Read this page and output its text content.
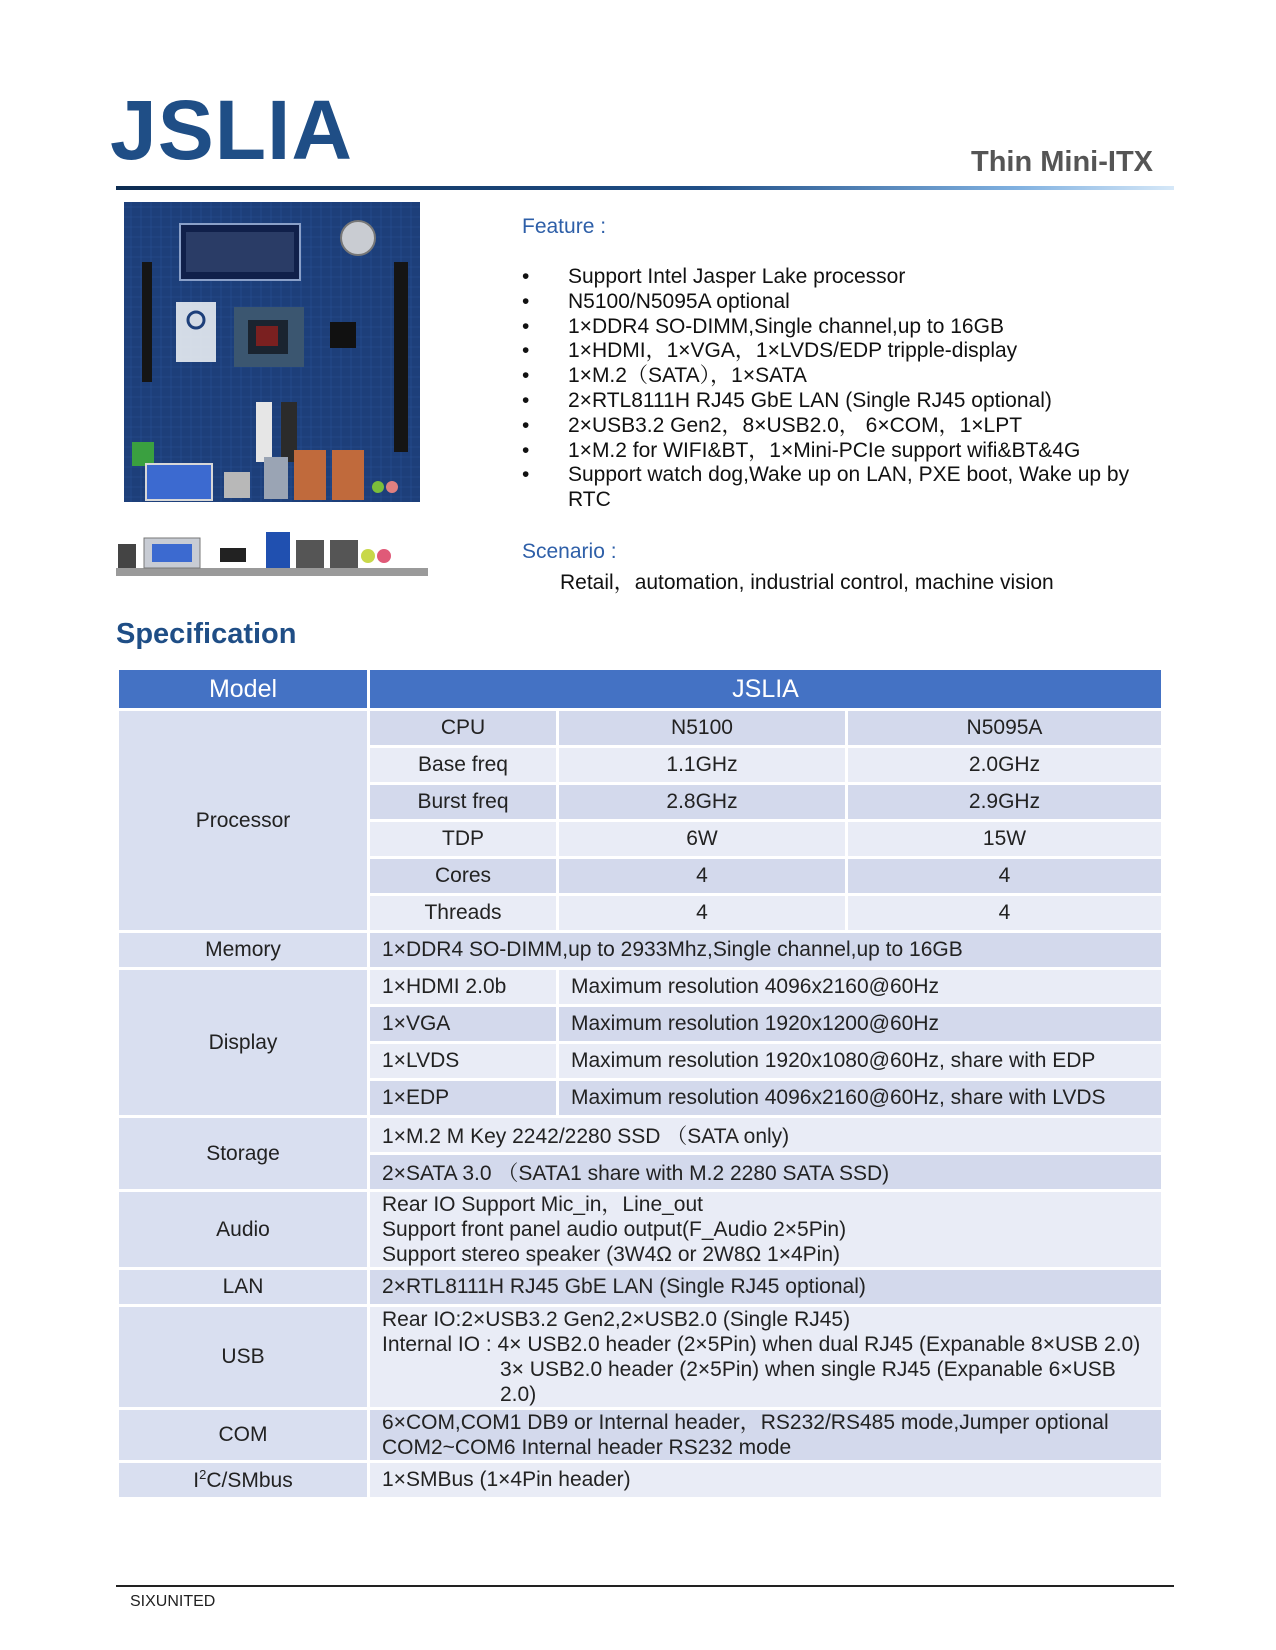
JSLIA	Thin Mini-ITX
Feature :
• Support Intel Jasper Lake processor
• N5100/N5095A optional
• 1×DDR4 SO-DIMM,Single channel,up to 16GB
• 1×HDMI，1×VGA，1×LVDS/EDP tripple-display
• 1×M.2（SATA），1×SATA
• 2×RTL8111H RJ45 GbE LAN (Single RJ45 optional)
• 2×USB3.2 Gen2，8×USB2.0， 6×COM，1×LPT
• 1×M.2 for WIFI&BT，1×Mini-PCIe support wifi&BT&4G
• Support watch dog,Wake up on LAN, PXE boot, Wake up by RTC
Scenario :
Retail，automation, industrial control, machine vision
Specification
Model	JSLIA		
Processor	CPU	N5100	N5095A
	Base freq	1.1GHz	2.0GHz
	Burst freq	2.8GHz	2.9GHz
	TDP	6W	15W
	Cores	4	4
	Threads	4	4
Memory	1×DDR4 SO-DIMM,up to 2933Mhz,Single channel,up to 16GB		
Display	1×HDMI 2.0b	Maximum resolution 4096x2160@60Hz	
	1×VGA	Maximum resolution 1920x1200@60Hz	
	1×LVDS	Maximum resolution 1920x1080@60Hz, share with EDP	
	1×EDP	Maximum resolution 4096x2160@60Hz, share with LVDS	
Storage	1×M.2 M Key 2242/2280 SSD （SATA only)		
	2×SATA 3.0 （SATA1 share with M.2 2280 SATA SSD)		
Audio	Rear IO Support Mic_in，Line_out
Support front panel audio output(F_Audio 2×5Pin)
Support stereo speaker (3W4Ω or 2W8Ω 1×4Pin)		

LAN	2×RTL8111H RJ45 GbE LAN (Single RJ45 optional)		
USB	Rear IO:2×USB3.2 Gen2,2×USB2.0 (Single RJ45)
Internal IO : 4× USB2.0 header (2×5Pin) when dual RJ45 (Expanable 8×USB 2.0)
3× USB2.0 header (2×5Pin) when single RJ45 (Expanable 6×USB 2.0)		

COM	6×COM,COM1 DB9 or Internal header，RS232/RS485 mode,Jumper optional
COM2~COM6 Internal header RS232 mode		

$I^2C$/SMbus	1×SMBus (1×4Pin header)		
SIXUNITED
